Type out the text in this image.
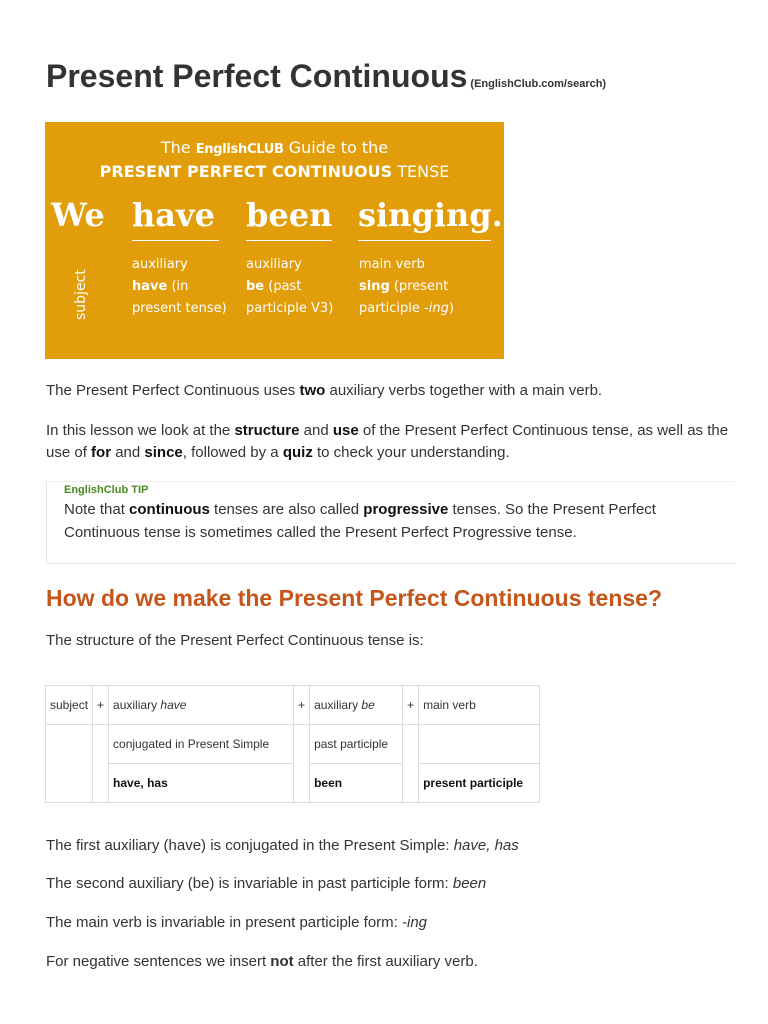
Present Perfect Continuous (EnglishClub.com/search)
The EnglishCLUB Guide to the
PRESENT PERFECT CONTINUOUS TENSE
We have been singing.
subject
auxiliary
have (in
present tense)
auxiliary
be (past
participle V3)
main verb
sing (present
participle -ing)
The Present Perfect Continuous uses two auxiliary verbs together with a main verb.
In this lesson we look at the structure and use of the Present Perfect Continuous tense, as well as the use of for and since, followed by a quiz to check your understanding.
EnglishClub TIP
Note that continuous tenses are also called progressive tenses. So the Present Perfect Continuous tense is sometimes called the Present Perfect Progressive tense.
How do we make the Present Perfect Continuous tense?
The structure of the Present Perfect Continuous tense is:
subject	+	auxiliary have	+	auxiliary be	+	main verb
		conjugated in Present Simple		past participle		
		have, has		been		present participle
The first auxiliary (have) is conjugated in the Present Simple: have, has
The second auxiliary (be) is invariable in past participle form: been
The main verb is invariable in present participle form: -ing
For negative sentences we insert not after the first auxiliary verb.
